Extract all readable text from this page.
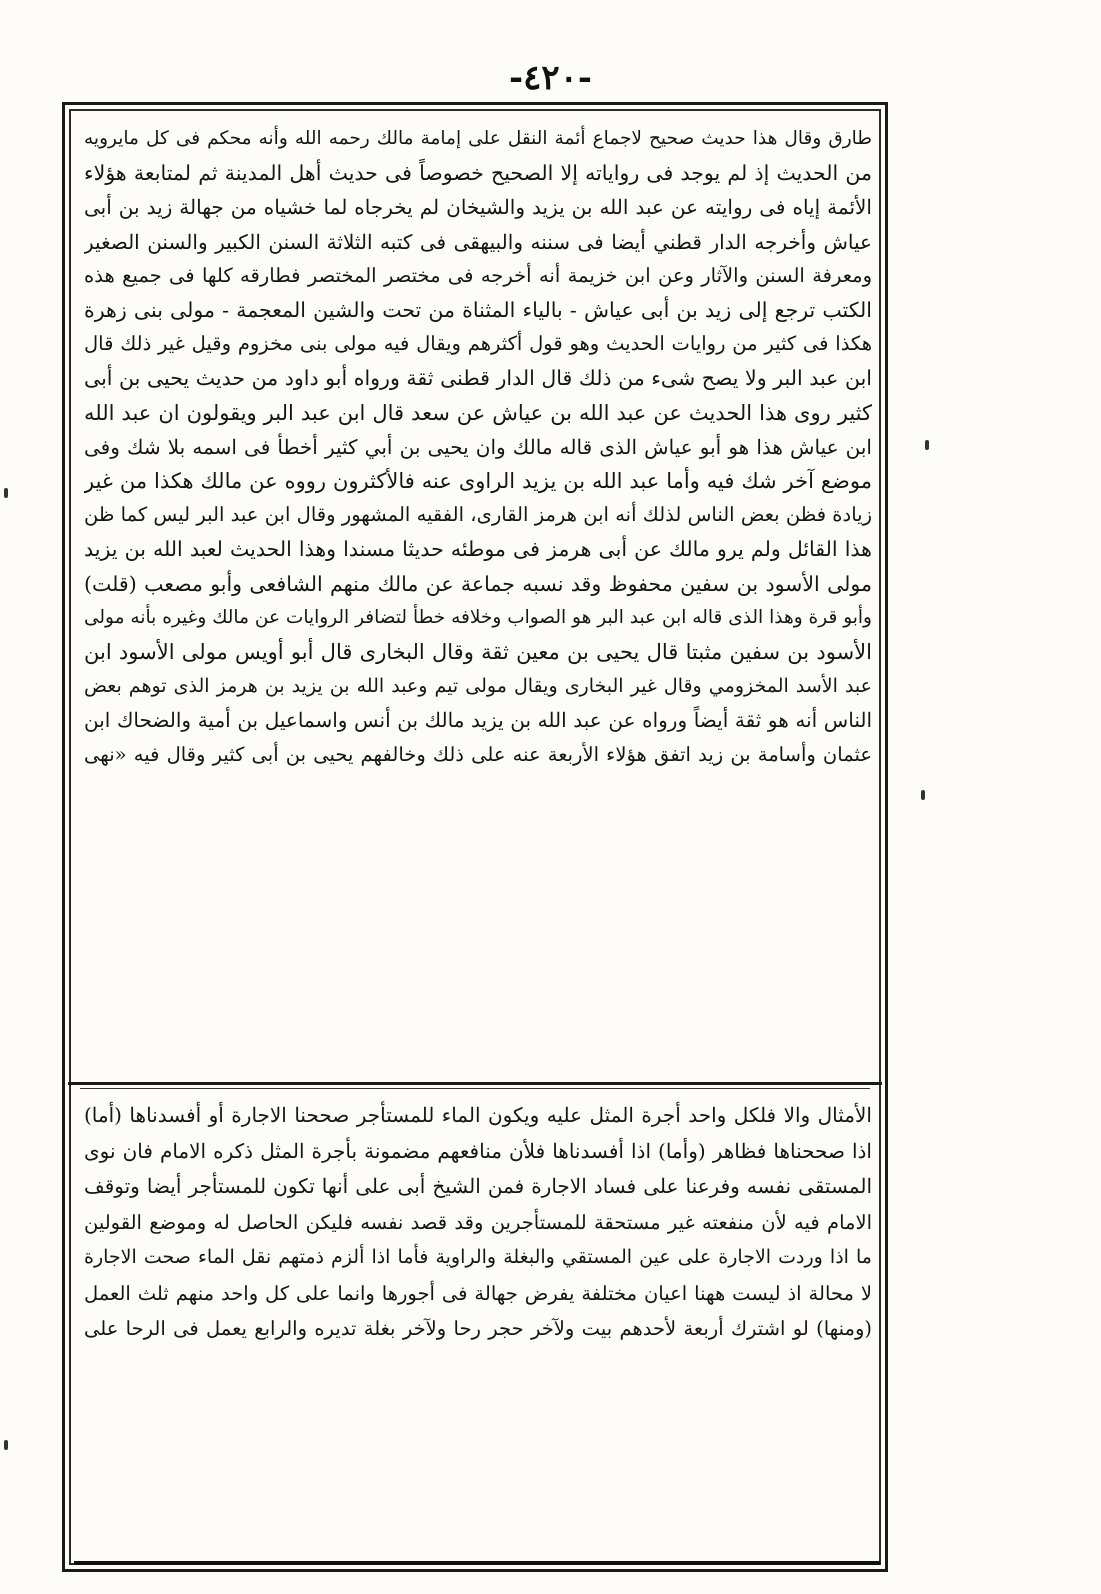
-٤٢٠-
طارق وقال هذا حديث صحيح لاجماع أئمة النقل على إمامة مالك رحمه الله وأنه محكم فى كل مايرويه
من الحديث إذ لم يوجد فى رواياته إلا الصحيح خصوصاً فى حديث أهل المدينة ثم لمتابعة هؤلاء
الأئمة إياه فى روايته عن عبد الله بن يزيد والشيخان لم يخرجاه لما خشياه من جهالة زيد بن أبى
عياش وأخرجه الدار قطني أيضا فى سننه والبيهقى فى كتبه الثلاثة السنن الكبير والسنن الصغير
ومعرفة السنن والآثار وعن ابن خزيمة أنه أخرجه فى مختصر المختصر فطارقه كلها فى جميع هذه
الكتب ترجع إلى زيد بن أبى عياش - بالياء المثناة من تحت والشين المعجمة - مولى بنى زهرة
هكذا فى كثير من روايات الحديث وهو قول أكثرهم ويقال فيه مولى بنى مخزوم وقيل غير ذلك قال
ابن عبد البر ولا يصح شىء من ذلك قال الدار قطنى ثقة ورواه أبو داود من حديث يحيى بن أبى
كثير روى هذا الحديث عن عبد الله بن عياش عن سعد قال ابن عبد البر ويقولون ان عبد الله
ابن عياش هذا هو أبو عياش الذى قاله مالك وان يحيى بن أبي كثير أخطأ فى اسمه بلا شك وفى
موضع آخر شك فيه وأما عبد الله بن يزيد الراوى عنه فالأكثرون رووه عن مالك هكذا من غير
زيادة فظن بعض الناس لذلك أنه ابن هرمز القارى، الفقيه المشهور وقال ابن عبد البر ليس كما ظن
هذا القائل ولم يرو مالك عن أبى هرمز فى موطئه حديثا مسندا وهذا الحديث لعبد الله بن يزيد
مولى الأسود بن سفين محفوظ وقد نسبه جماعة عن مالك منهم الشافعى وأبو مصعب (قلت)
وأبو قرة وهذا الذى قاله ابن عبد البر هو الصواب وخلافه خطأ لتضافر الروايات عن مالك وغيره بأنه مولى
الأسود بن سفين مثبتا قال يحيى بن معين ثقة وقال البخارى قال أبو أويس مولى الأسود ابن
عبد الأسد المخزومي وقال غير البخارى ويقال مولى تيم وعبد الله بن يزيد بن هرمز الذى توهم بعض
الناس أنه هو ثقة أيضاً ورواه عن عبد الله بن يزيد مالك بن أنس واسماعيل بن أمية والضحاك ابن
عثمان وأسامة بن زيد اتفق هؤلاء الأربعة عنه على ذلك وخالفهم يحيى بن أبى كثير وقال فيه «نهى
الأمثال والا فلكل واحد أجرة المثل عليه ويكون الماء للمستأجر صححنا الاجارة أو أفسدناها (أما)
اذا صححناها فظاهر (وأما) اذا أفسدناها فلأن منافعهم مضمونة بأجرة المثل ذكره الامام فان نوى
المستقى نفسه وفرعنا على فساد الاجارة فمن الشيخ أبى على أنها تكون للمستأجر أيضا وتوقف
الامام فيه لأن منفعته غير مستحقة للمستأجرين وقد قصد نفسه فليكن الحاصل له وموضع القولين
ما اذا وردت الاجارة على عين المستقي والبغلة والراوية فأما اذا ألزم ذمتهم نقل الماء صحت الاجارة
لا محالة اذ ليست ههنا اعيان مختلفة يفرض جهالة فى أجورها وانما على كل واحد منهم ثلث العمل
(ومنها) لو اشترك أربعة لأحدهم بيت ولآخر حجر رحا ولآخر بغلة تديره والرابع يعمل فى الرحا على
